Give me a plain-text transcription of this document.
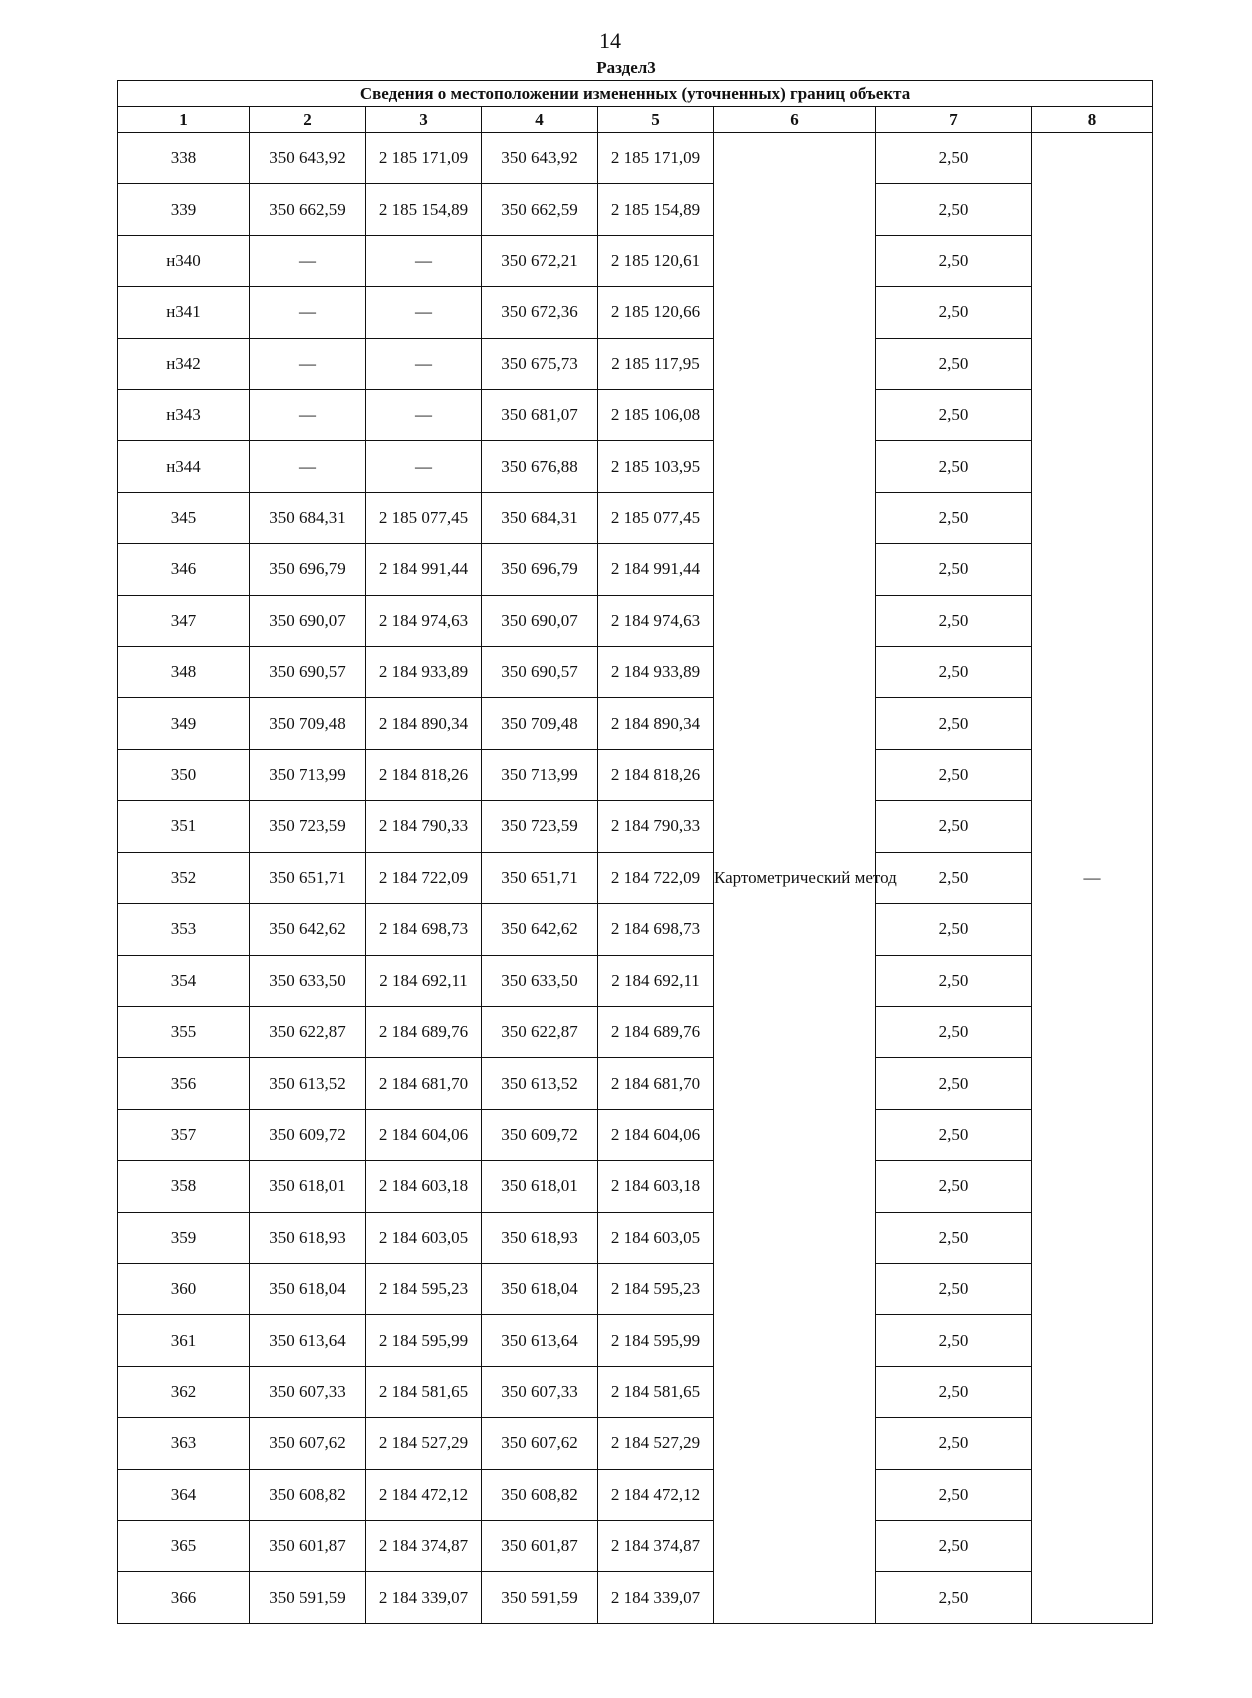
14
Раздел3
Сведения о местоположении измененных (уточненных) границ объекта							
1	2	3	4	5	6	7	8
338	350 643,92	2 185 171,09	350 643,92	2 185 171,09	Картометрический метод	2,50	—
339	350 662,59	2 185 154,89	350 662,59	2 185 154,89		2,50	
н340	—	—	350 672,21	2 185 120,61		2,50	
н341	—	—	350 672,36	2 185 120,66		2,50	
н342	—	—	350 675,73	2 185 117,95		2,50	
н343	—	—	350 681,07	2 185 106,08		2,50	
н344	—	—	350 676,88	2 185 103,95		2,50	
345	350 684,31	2 185 077,45	350 684,31	2 185 077,45		2,50	
346	350 696,79	2 184 991,44	350 696,79	2 184 991,44		2,50	
347	350 690,07	2 184 974,63	350 690,07	2 184 974,63		2,50	
348	350 690,57	2 184 933,89	350 690,57	2 184 933,89		2,50	
349	350 709,48	2 184 890,34	350 709,48	2 184 890,34		2,50	
350	350 713,99	2 184 818,26	350 713,99	2 184 818,26		2,50	
351	350 723,59	2 184 790,33	350 723,59	2 184 790,33		2,50	
352	350 651,71	2 184 722,09	350 651,71	2 184 722,09		2,50	
353	350 642,62	2 184 698,73	350 642,62	2 184 698,73		2,50	
354	350 633,50	2 184 692,11	350 633,50	2 184 692,11		2,50	
355	350 622,87	2 184 689,76	350 622,87	2 184 689,76		2,50	
356	350 613,52	2 184 681,70	350 613,52	2 184 681,70		2,50	
357	350 609,72	2 184 604,06	350 609,72	2 184 604,06		2,50	
358	350 618,01	2 184 603,18	350 618,01	2 184 603,18		2,50	
359	350 618,93	2 184 603,05	350 618,93	2 184 603,05		2,50	
360	350 618,04	2 184 595,23	350 618,04	2 184 595,23		2,50	
361	350 613,64	2 184 595,99	350 613,64	2 184 595,99		2,50	
362	350 607,33	2 184 581,65	350 607,33	2 184 581,65		2,50	
363	350 607,62	2 184 527,29	350 607,62	2 184 527,29		2,50	
364	350 608,82	2 184 472,12	350 608,82	2 184 472,12		2,50	
365	350 601,87	2 184 374,87	350 601,87	2 184 374,87		2,50	
366	350 591,59	2 184 339,07	350 591,59	2 184 339,07		2,50	
